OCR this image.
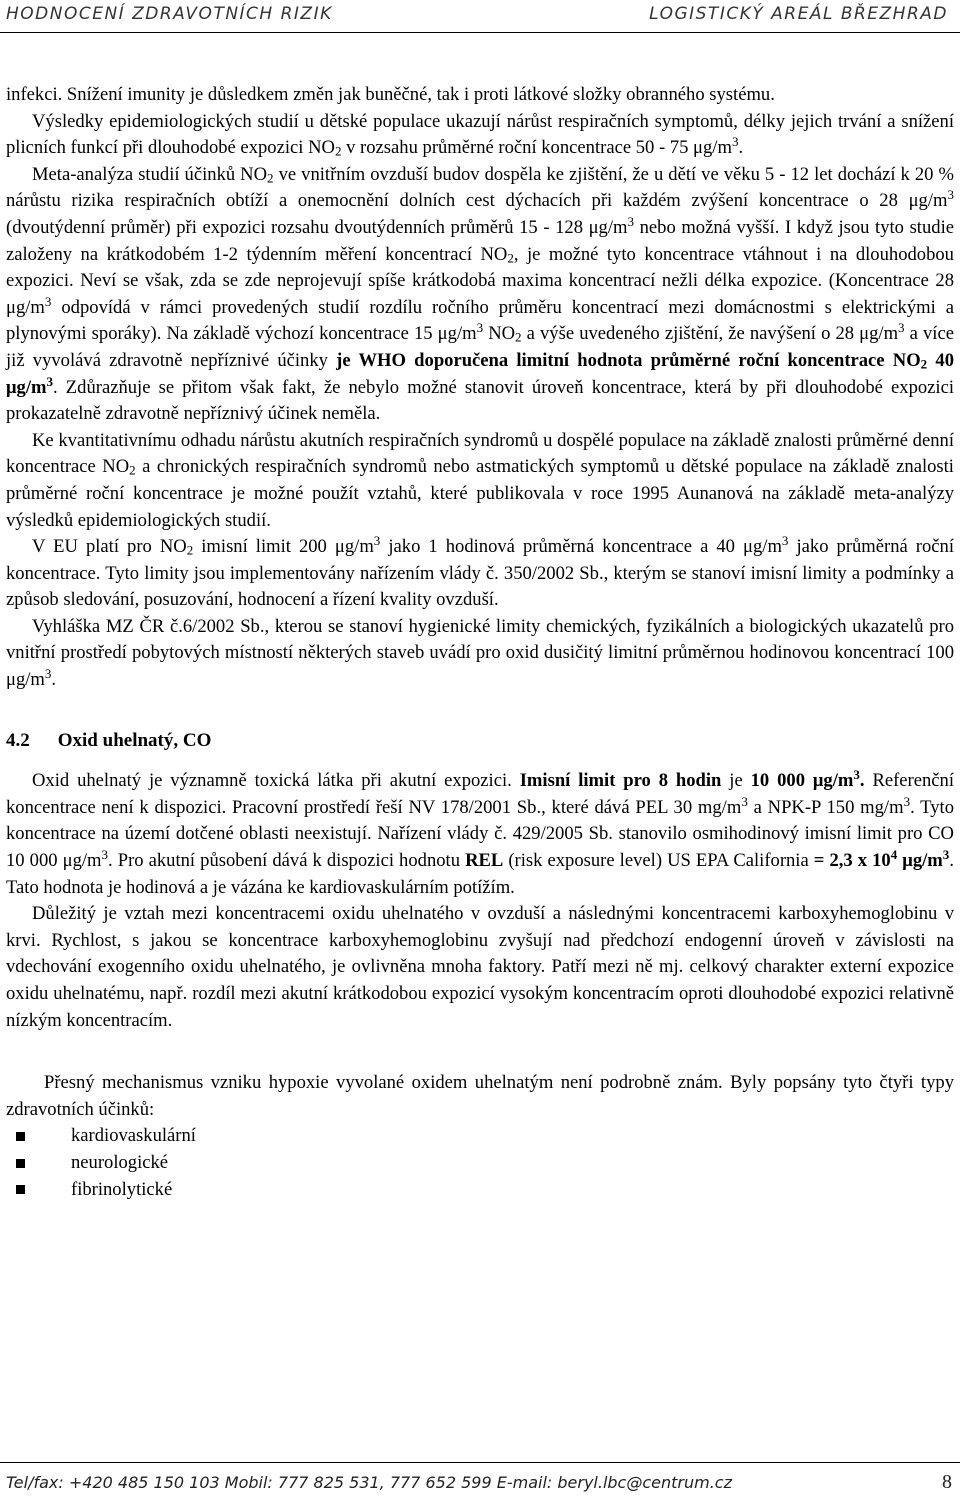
HODNOCENÍ ZDRAVOTNÍCH RIZIK	LOGISTICKÝ AREÁL BŘEZHRAD

infekci. Snížení imunity je důsledkem změn jak buněčné, tak i proti látkové složky obranného systému.

Výsledky epidemiologických studií u dětské populace ukazují nárůst respiračních symptomů, délky jejich trvání a snížení plicních funkcí při dlouhodobé expozici $NO_2$ v rozsahu průměrné roční koncentrace 50 - 75 $\mu g/m^3$.

Meta-analýza studií účinků $NO_2$ ve vnitřním ovzduší budov dospěla ke zjištění, že u dětí ve věku 5 - 12 let dochází k 20 % nárůstu rizika respiračních obtíží a onemocnění dolních cest dýchacích při každém zvýšení koncentrace o 28 $\mu g/m^3$ (dvoutýdenní průměr) při expozici rozsahu dvoutýdenních průměrů 15 - 128 $\mu g/m^3$ nebo možná vyšší. I když jsou tyto studie založeny na krátkodobém 1-2 týdenním měření koncentrací $NO_2$, je možné tyto koncentrace vtáhnout i na dlouhodobou expozici. Neví se však, zda se zde neprojevují spíše krátkodobá maxima koncentrací nežli délka expozice. (Koncentrace 28 $\mu g/m^3$ odpovídá v rámci provedených studií rozdílu ročního průměru koncentrací mezi domácnostmi s elektrickými a plynovými sporáky). Na základě výchozí koncentrace 15 $\mu g/m^3$ $NO_2$ a výše uvedeného zjištění, že navýšení o 28 $\mu g/m^3$ a více již vyvolává zdravotně nepříznivé účinky je WHO doporučena limitní hodnota průměrné roční koncentrace $NO_2$ 40 $\mu g/m^3$. Zdůrazňuje se přitom však fakt, že nebylo možné stanovit úroveň koncentrace, která by při dlouhodobé expozici prokazatelně zdravotně nepříznivý účinek neměla.

Ke kvantitativnímu odhadu nárůstu akutních respiračních syndromů u dospělé populace na základě znalosti průměrné denní koncentrace $NO_2$ a chronických respiračních syndromů nebo astmatických symptomů u dětské populace na základě znalosti průměrné roční koncentrace je možné použít vztahů, které publikovala v roce 1995 Aunanová na základě meta-analýzy výsledků epidemiologických studií.

V EU platí pro $NO_2$ imisní limit 200 $\mu g/m^3$ jako 1 hodinová průměrná koncentrace a 40 $\mu g/m^3$ jako průměrná roční koncentrace. Tyto limity jsou implementovány nařízením vlády č. 350/2002 Sb., kterým se stanoví imisní limity a podmínky a způsob sledování, posuzování, hodnocení a řízení kvality ovzduší.

Vyhláška MZ ČR č.6/2002 Sb., kterou se stanoví hygienické limity chemických, fyzikálních a biologických ukazatelů pro vnitřní prostředí pobytových místností některých staveb uvádí pro oxid dusičitý limitní průměrnou hodinovou koncentrací 100 $\mu g/m^3$.

4.2 Oxid uhelnatý, CO

Oxid uhelnatý je významně toxická látka při akutní expozici. Imisní limit pro 8 hodin je 10 000 $\mu g/m^3$. Referenční koncentrace není k dispozici. Pracovní prostředí řeší NV 178/2001 Sb., které dává PEL 30 $mg/m^3$ a NPK-P 150 $mg/m^3$. Tyto koncentrace na území dotčené oblasti neexistují. Nařízení vlády č. 429/2005 Sb. stanovilo osmihodinový imisní limit pro CO 10 000 $\mu g/m^3$. Pro akutní působení dává k dispozici hodnotu REL (risk exposure level) US EPA California = 2,3 x $10^4$ $\mu g/m^3$. Tato hodnota je hodinová a je vázána ke kardiovaskulárním potížím.

Důležitý je vztah mezi koncentracemi oxidu uhelnatého v ovzduší a následnými koncentracemi karboxyhemoglobinu v krvi. Rychlost, s jakou se koncentrace karboxyhemoglobinu zvyšují nad předchozí endogenní úroveň v závislosti na vdechování exogenního oxidu uhelnatého, je ovlivněna mnoha faktory. Patří mezi ně mj. celkový charakter externí expozice oxidu uhelnatému, např. rozdíl mezi akutní krátkodobou expozicí vysokým koncentracím oproti dlouhodobé expozici relativně nízkým koncentracím.

Přesný mechanismus vzniku hypoxie vyvolané oxidem uhelnatým není podrobně znám. Byly popsány tyto čtyři typy zdravotních účinků:

kardiovaskulární
neurologické
fibrinolytické
Tel/fax: +420 485 150 103 Mobil: 777 825 531, 777 652 599 E-mail: beryl.lbc@centrum.cz	8
